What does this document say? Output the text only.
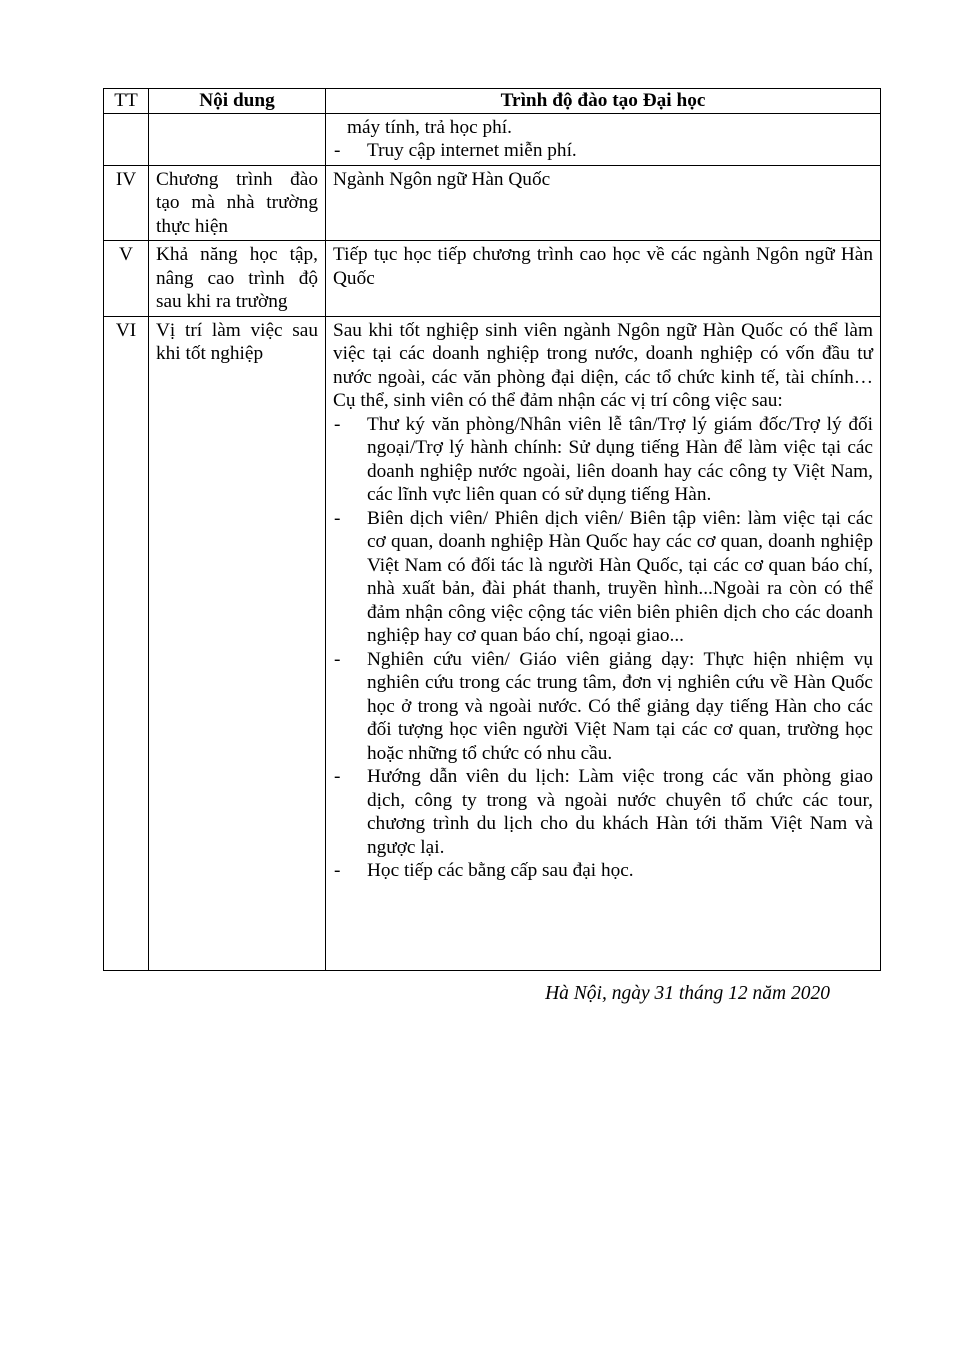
TT	Nội dung	Trình độ đào tạo Đại học

		máy tính, trả học phí.
- Truy cập internet miễn phí.

IV	Chương trình đào tạo mà nhà trường thực hiện	Ngành Ngôn ngữ Hàn Quốc
V	Khả năng học tập, nâng cao trình độ sau khi ra trường	Tiếp tục học tiếp chương trình cao học về các ngành Ngôn ngữ Hàn Quốc
VI	Vị trí làm việc sau khi tốt nghiệp	

Sau khi tốt nghiệp sinh viên ngành Ngôn ngữ Hàn Quốc có thể làm việc tại các doanh nghiệp trong nước, doanh nghiệp có vốn đầu tư nước ngoài, các văn phòng đại diện, các tổ chức kinh tế, tài chính…Cụ thể, sinh viên có thể đảm nhận các vị trí công việc sau:

- Thư ký văn phòng/Nhân viên lễ tân/Trợ lý giám đốc/Trợ lý đối ngoại/Trợ lý hành chính: Sử dụng tiếng Hàn để làm việc tại các doanh nghiệp nước ngoài, liên doanh hay các công ty Việt Nam, các lĩnh vực liên quan có sử dụng tiếng Hàn.
- Biên dịch viên/ Phiên dịch viên/ Biên tập viên: làm việc tại các cơ quan, doanh nghiệp Hàn Quốc hay các cơ quan, doanh nghiệp Việt Nam có đối tác là người Hàn Quốc, tại các cơ quan báo chí, nhà xuất bản, đài phát thanh, truyền hình...Ngoài ra còn có thể đảm nhận công việc cộng tác viên biên phiên dịch cho các doanh nghiệp hay cơ quan báo chí, ngoại giao...
- Nghiên cứu viên/ Giáo viên giảng dạy: Thực hiện nhiệm vụ nghiên cứu trong các trung tâm, đơn vị nghiên cứu về Hàn Quốc học ở trong và ngoài nước. Có thể giảng dạy tiếng Hàn cho các đối tượng học viên người Việt Nam tại các cơ quan, trường học hoặc những tổ chức có nhu cầu.
- Hướng dẫn viên du lịch: Làm việc trong các văn phòng giao dịch, công ty trong và ngoài nước chuyên tổ chức các tour, chương trình du lịch cho du khách Hàn tới thăm Việt Nam và ngược lại.
- Học tiếp các bằng cấp sau đại học.
Hà Nội, ngày 31 tháng 12 năm 2020
